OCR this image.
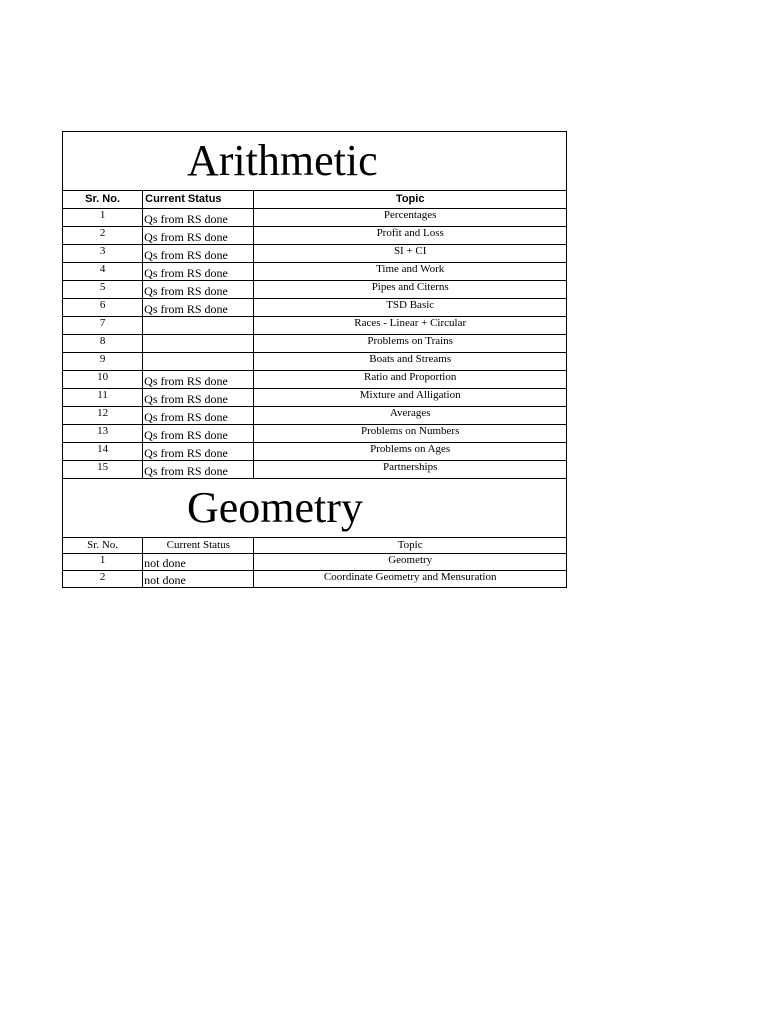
Arithmetic		
Sr. No.	Current Status	Topic
1	Qs from RS done	Percentages
2	Qs from RS done	Profit and Loss
3	Qs from RS done	SI + CI
4	Qs from RS done	Time and Work
5	Qs from RS done	Pipes and Citerns
6	Qs from RS done	TSD Basic
7		Races - Linear + Circular
8		Problems on Trains
9		Boats and Streams
10	Qs from RS done	Ratio and Proportion
11	Qs from RS done	Mixture and Alligation
12	Qs from RS done	Averages
13	Qs from RS done	Problems on Numbers
14	Qs from RS done	Problems on Ages
15	Qs from RS done	Partnerships
Geometry		
Sr. No.	Current Status	Topic
1	not done	Geometry
2	not done	Coordinate Geometry and Mensuration
